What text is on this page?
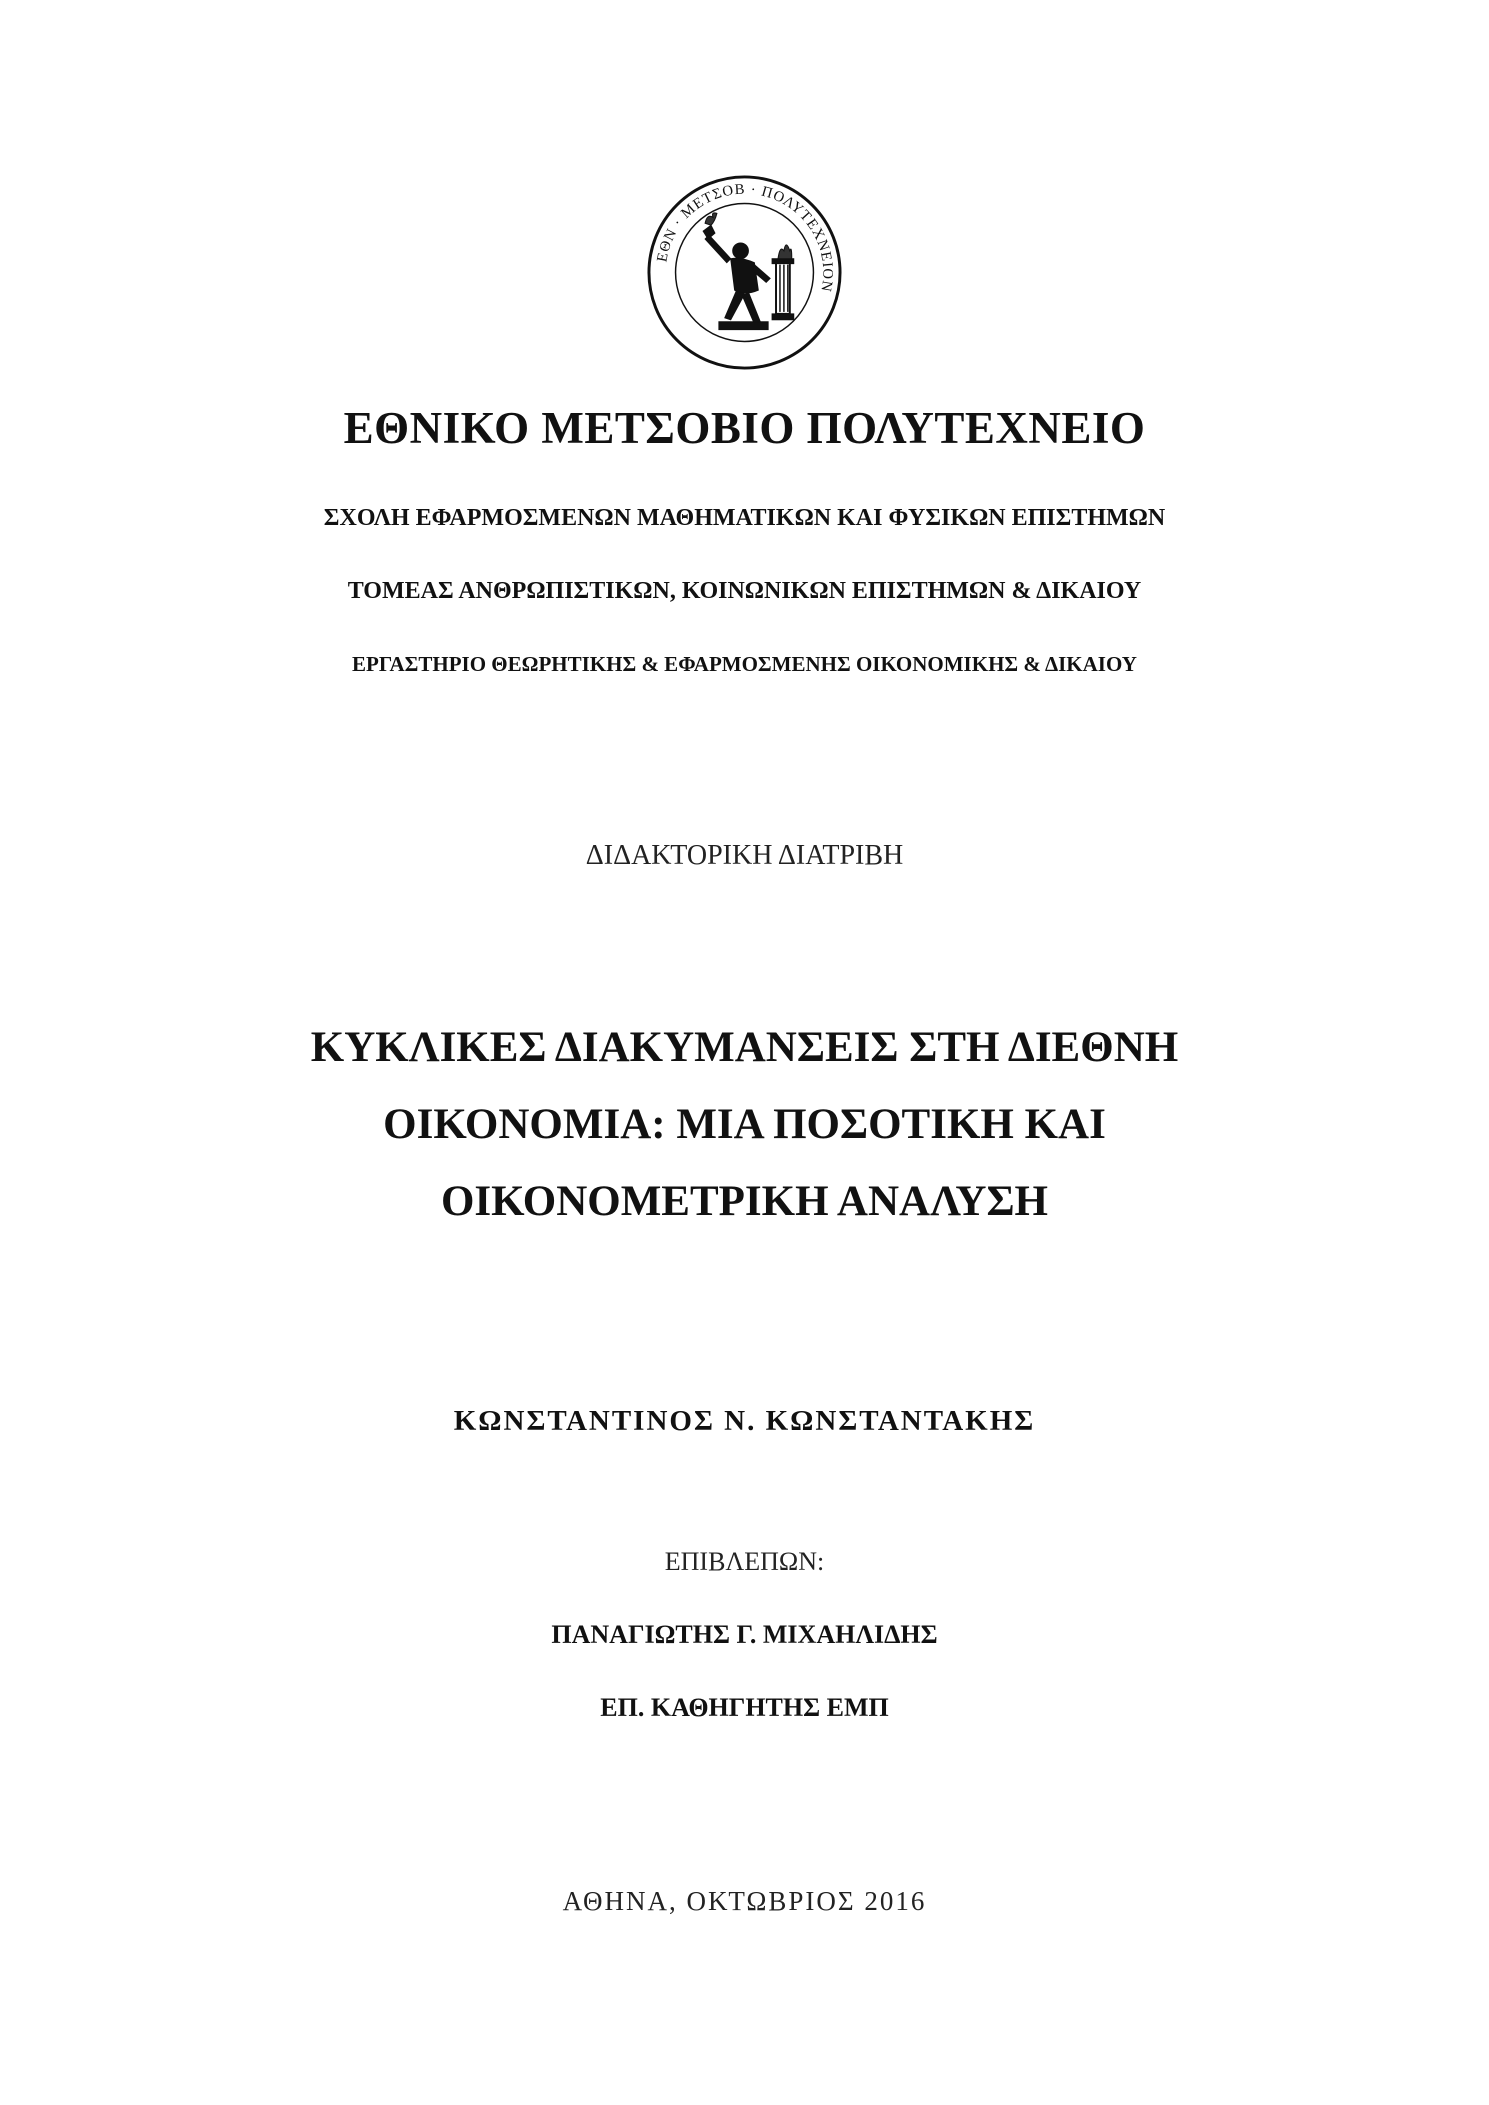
ΕΘΝ · ΜΕΤΣΟΒ · ΠΟΛΥΤΕΧΝΕΙΟΝ
ΕΘΝΙΚΟ ΜΕΤΣΟΒΙΟ ΠΟΛΥΤΕΧΝΕΙΟ
ΣΧΟΛΗ ΕΦΑΡΜΟΣΜΕΝΩΝ ΜΑΘΗΜΑΤΙΚΩΝ ΚΑΙ ΦΥΣΙΚΩΝ ΕΠΙΣΤΗΜΩΝ
ΤΟΜΕΑΣ ΑΝΘΡΩΠΙΣΤΙΚΩΝ, ΚΟΙΝΩΝΙΚΩΝ ΕΠΙΣΤΗΜΩΝ & ΔΙΚΑΙΟΥ
ΕΡΓΑΣΤΗΡΙΟ ΘΕΩΡΗΤΙΚΗΣ & ΕΦΑΡΜΟΣΜΕΝΗΣ ΟΙΚΟΝΟΜΙΚΗΣ & ΔΙΚΑΙΟΥ
ΔΙΔΑΚΤΟΡΙΚΗ ΔΙΑΤΡΙΒΗ
ΚΥΚΛΙΚΕΣ ΔΙΑΚΥΜΑΝΣΕΙΣ ΣΤΗ ΔΙΕΘΝΗ
ΟΙΚΟΝΟΜΙΑ: ΜΙΑ ΠΟΣΟΤΙΚΗ ΚΑΙ
ΟΙΚΟΝΟΜΕΤΡΙΚΗ ΑΝΑΛΥΣΗ
ΚΩΝΣΤΑΝΤΙΝΟΣ Ν. ΚΩΝΣΤΑΝΤΑΚΗΣ
ΕΠΙΒΛΕΠΩΝ:
ΠΑΝΑΓΙΩΤΗΣ Γ. ΜΙΧΑΗΛΙΔΗΣ
ΕΠ. ΚΑΘΗΓΗΤΗΣ ΕΜΠ
ΑΘΗΝΑ, ΟΚΤΩΒΡΙΟΣ 2016
